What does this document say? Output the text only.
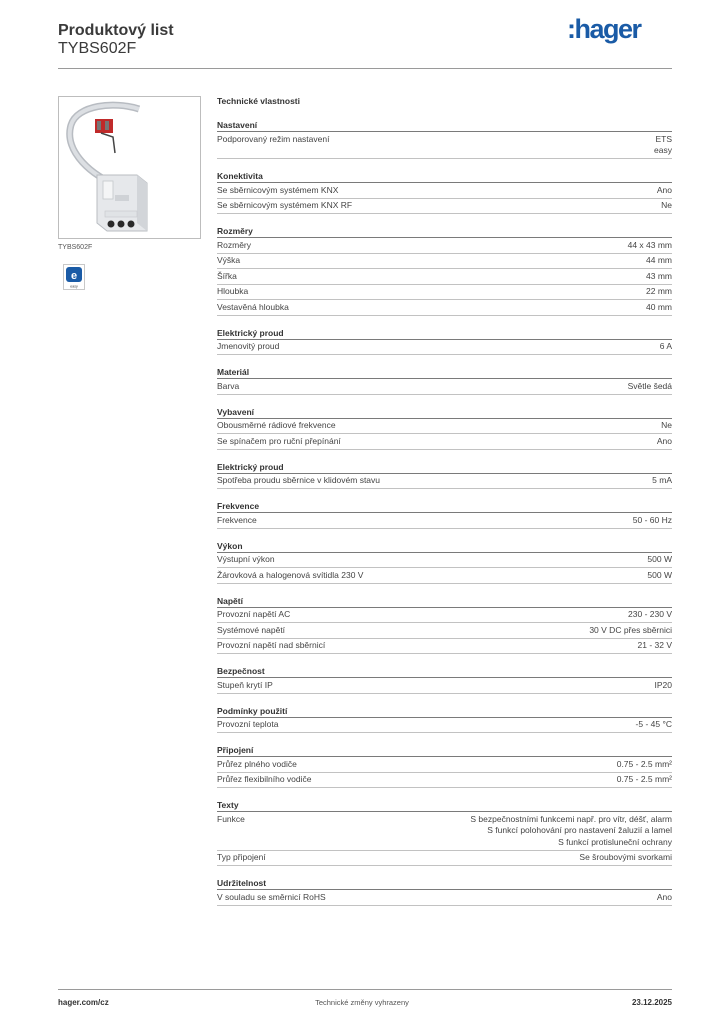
Produktový list
TYBS602F
:hager
TYBS602F
e
easy
Technické vlastnosti
Nastavení
Podporovaný režim nastavení	ETS
easy
Konektivita
Se sběrnicovým systémem KNX	Ano
Se sběrnicovým systémem KNX RF	Ne
Rozměry
Rozměry	44 x 43 mm
Výška	44 mm
Šířka	43 mm
Hloubka	22 mm
Vestavěná hloubka	40 mm
Elektrický proud
Jmenovitý proud	6 A
Materiál
Barva	Světle šedá
Vybavení
Obousměrné rádiové frekvence	Ne
Se spínačem pro ruční přepínání	Ano
Elektrický proud
Spotřeba proudu sběrnice v klidovém stavu	5 mA
Frekvence
Frekvence	50 - 60 Hz
Výkon
Výstupní výkon	500 W
Žárovková a halogenová svítidla 230 V	500 W
Napětí
Provozní napětí AC	230 - 230 V
Systémové napětí	30 V DC přes sběrnici
Provozní napětí nad sběrnicí	21 - 32 V
Bezpečnost
Stupeň krytí IP	IP20
Podmínky použití
Provozní teplota	-5 - 45 °C
Připojení
Průřez plného vodiče	0.75 - 2.5 mm²
Průřez flexibilního vodiče	0.75 - 2.5 mm²
Texty
Funkce	S bezpečnostními funkcemi např. pro vítr, déšť, alarm
S funkcí polohování pro nastavení žaluzií a lamel
S funkcí protisluneční ochrany
Typ připojení	Se šroubovými svorkami
Udržitelnost
V souladu se směrnicí RoHS	Ano
hager.com/cz	Technické změny vyhrazeny	23.12.2025
